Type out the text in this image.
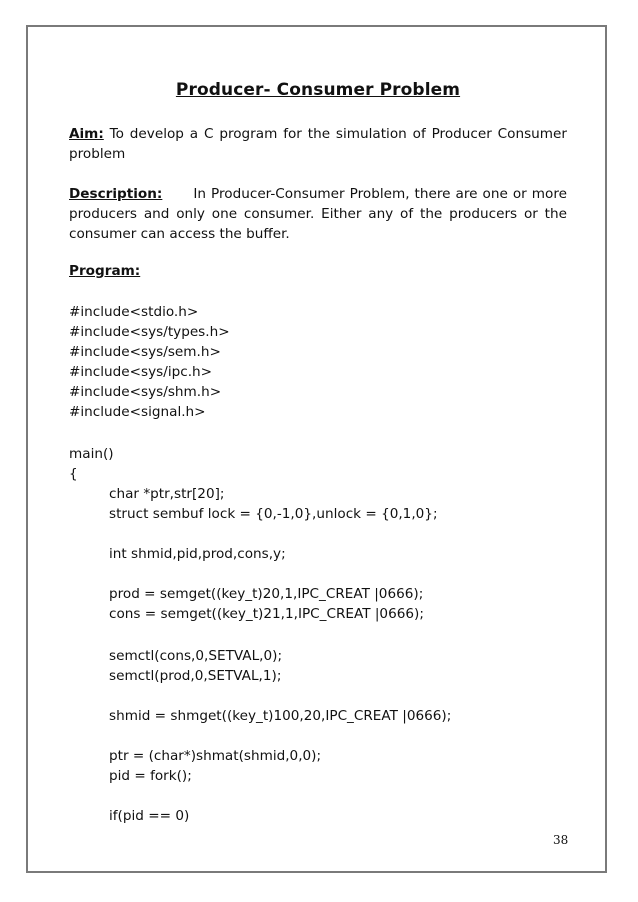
Producer- Consumer Problem
Aim: To develop a C program for the simulation of Producer Consumer problem
Description: In Producer-Consumer Problem, there are one or more producers and only one consumer. Either any of the producers or the consumer can access the buffer.
Program:
#include<stdio.h>
#include<sys/types.h>
#include<sys/sem.h>
#include<sys/ipc.h>
#include<sys/shm.h>
#include<signal.h>
main()
{
char *ptr,str[20];
struct sembuf lock = {0,-1,0},unlock = {0,1,0};
int shmid,pid,prod,cons,y;
prod = semget((key_t)20,1,IPC_CREAT |0666);
cons = semget((key_t)21,1,IPC_CREAT |0666);
semctl(cons,0,SETVAL,0);
semctl(prod,0,SETVAL,1);
shmid = shmget((key_t)100,20,IPC_CREAT |0666);
ptr = (char*)shmat(shmid,0,0);
pid = fork();
if(pid == 0)
38
